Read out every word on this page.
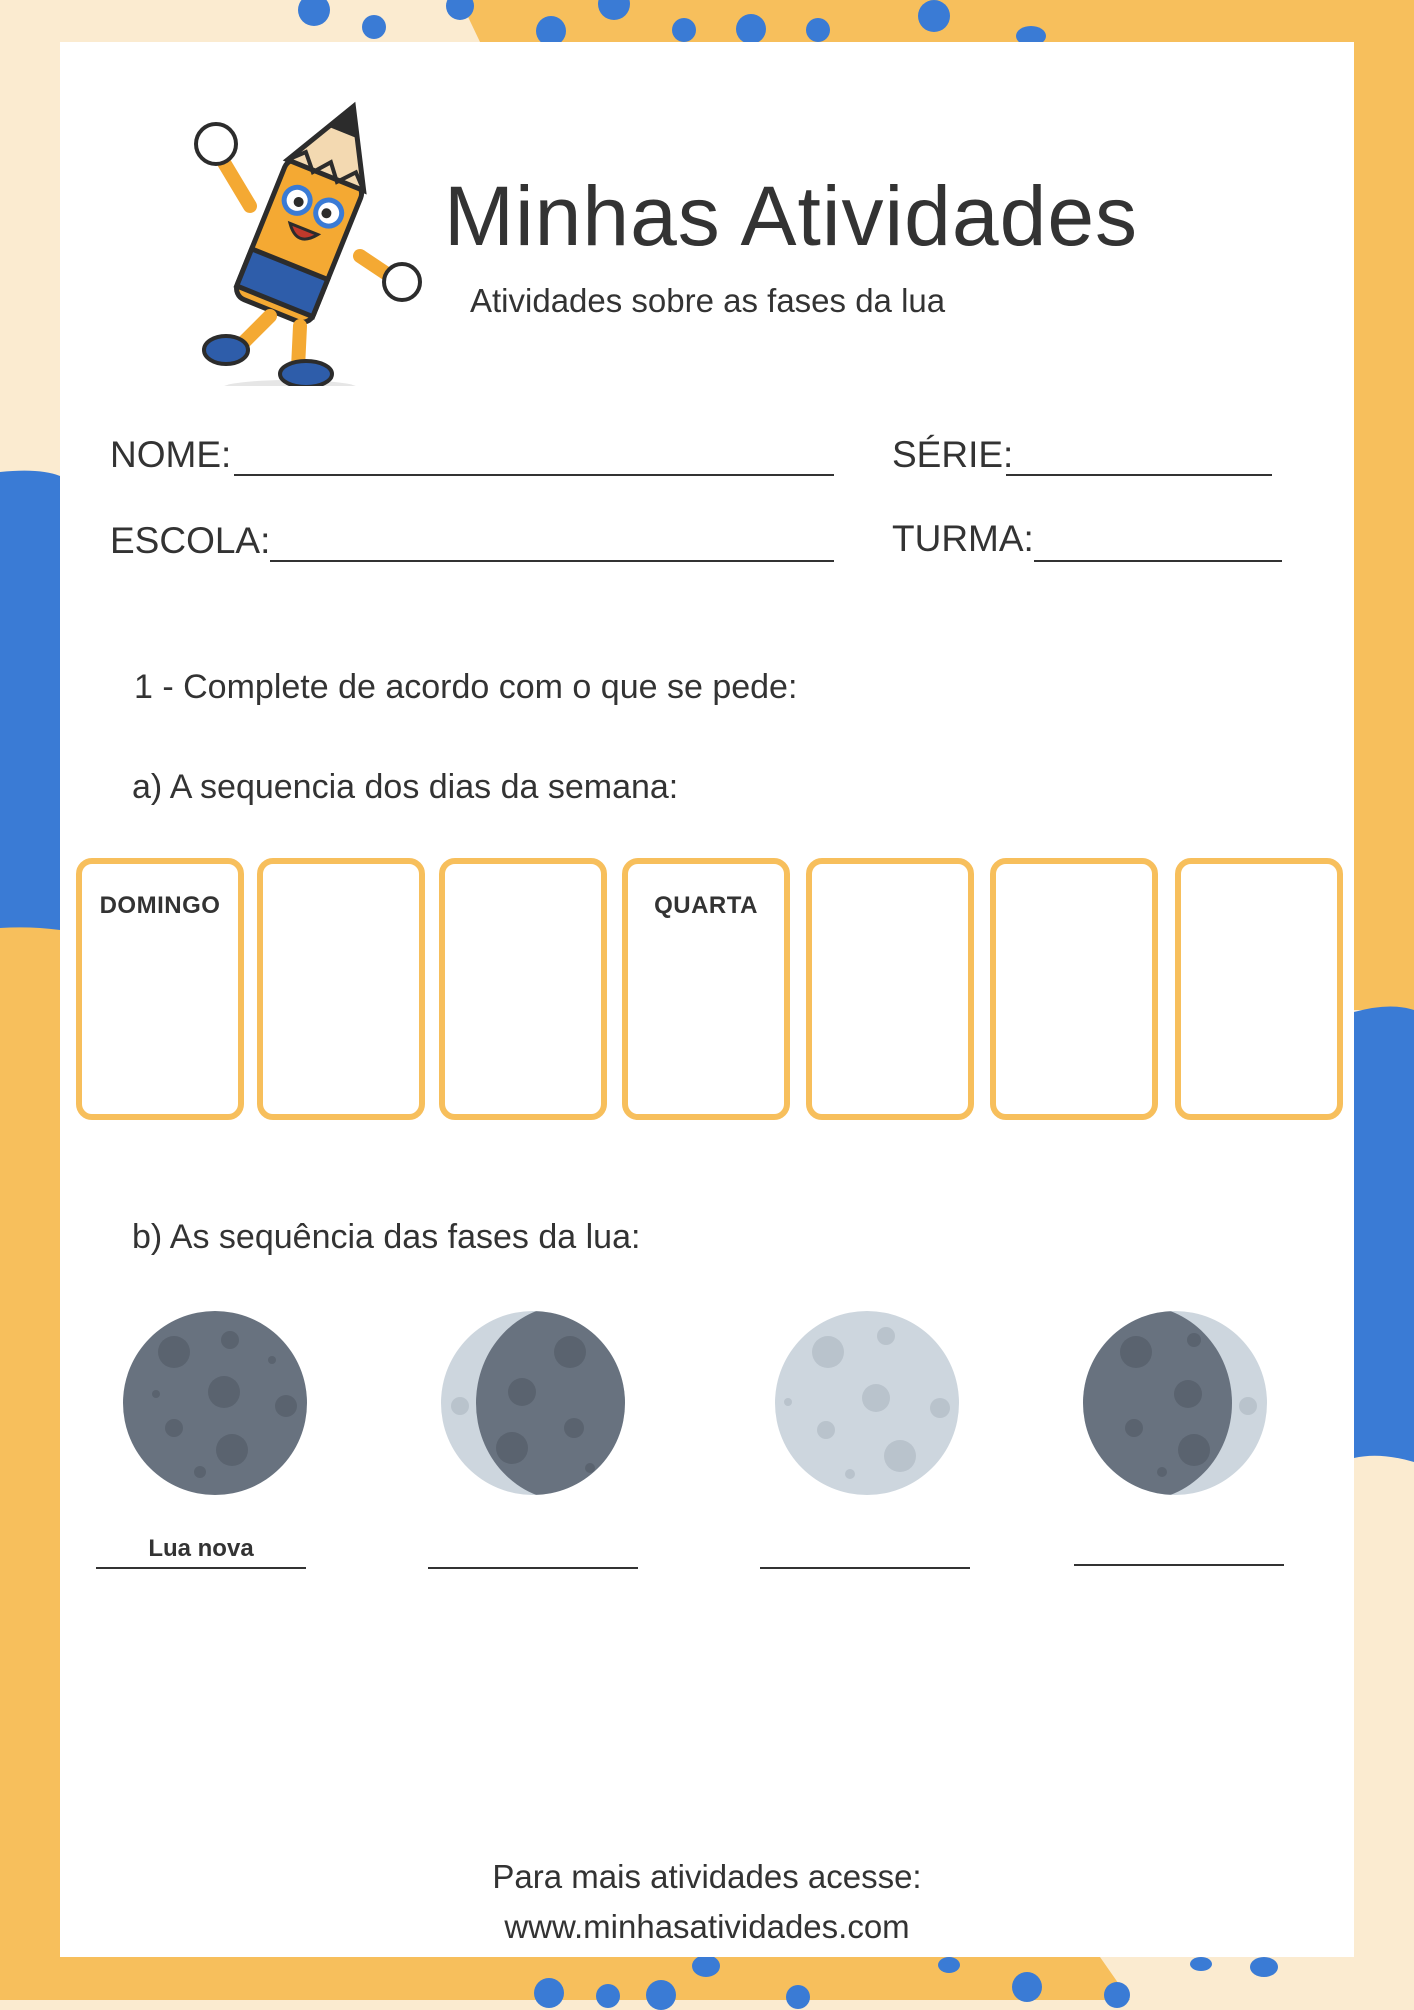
Minhas Atividades
Atividades sobre as fases da lua
NOME:	SÉRIE:
ESCOLA:	TURMA:
1 - Complete de acordo com o que se pede:
a) A sequencia dos dias da semana:
DOMINGO	QUARTA
b) As sequência das fases da lua:
Lua nova
Para mais atividades acesse:
www.minhasatividades.com
